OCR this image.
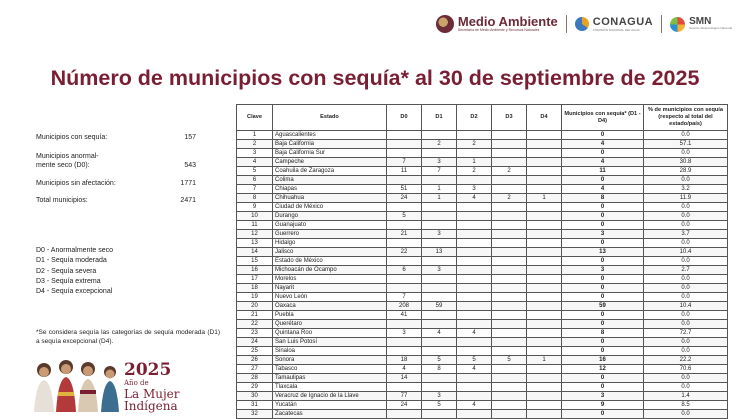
Medio Ambiente
Secretaría de Medio Ambiente y Recursos Naturales
CONAGUA
COMISIÓN NACIONAL DEL AGUA
SMN
Servicio Meteorológico Nacional
Número de municipios con sequía* al 30 de septiembre de 2025
Municipios con sequía:	157
Municipios anormal-mente seco (D0):	543
Municipios sin afectación:	1771
Total municipios:	2471
D0 - Anormalmente seco
D1 - Sequía moderada
D2 - Sequía severa
D3 - Sequía extrema
D4 - Sequía excepcional
*Se considera sequía las categorías de sequía moderada (D1) a sequía excepcional (D4).
2025
Año de
La Mujer
Indígena
Clave	Estado	D0	D1	D2	D3	D4	Municipios con sequía* (D1 - D4)	% de municipios con sequía (respecto al total del estado/país)
1	Aguascalientes						0	0.0
2	Baja California		2	2			4	57.1
3	Baja California Sur						0	0.0
4	Campeche	7	3	1			4	30.8
5	Coahuila de Zaragoza	11	7	2	2		11	28.9
6	Colima						0	0.0
7	Chiapas	51	1	3			4	3.2
8	Chihuahua	24	1	4	2	1	8	11.9
9	Ciudad de México						0	0.0
10	Durango	5					0	0.0
11	Guanajuato						0	0.0
12	Guerrero	21	3				3	3.7
13	Hidalgo						0	0.0
14	Jalisco	22	13				13	10.4
15	Estado de México						0	0.0
16	Michoacán de Ocampo	6	3				3	2.7
17	Morelos						0	0.0
18	Nayarit						0	0.0
19	Nuevo León	7					0	0.0
20	Oaxaca	208	59				59	10.4
21	Puebla	41					0	0.0
22	Querétaro						0	0.0
23	Quintana Roo	3	4	4			8	72.7
24	San Luis Potosí						0	0.0
25	Sinaloa						0	0.0
26	Sonora	18	5	5	5	1	16	22.2
27	Tabasco	4	8	4			12	70.6
28	Tamaulipas	14					0	0.0
29	Tlaxcala						0	0.0
30	Veracruz de Ignacio de la Llave	77	3				3	1.4
31	Yucatán	24	5	4			9	8.5
32	Zacatecas						0	0.0
